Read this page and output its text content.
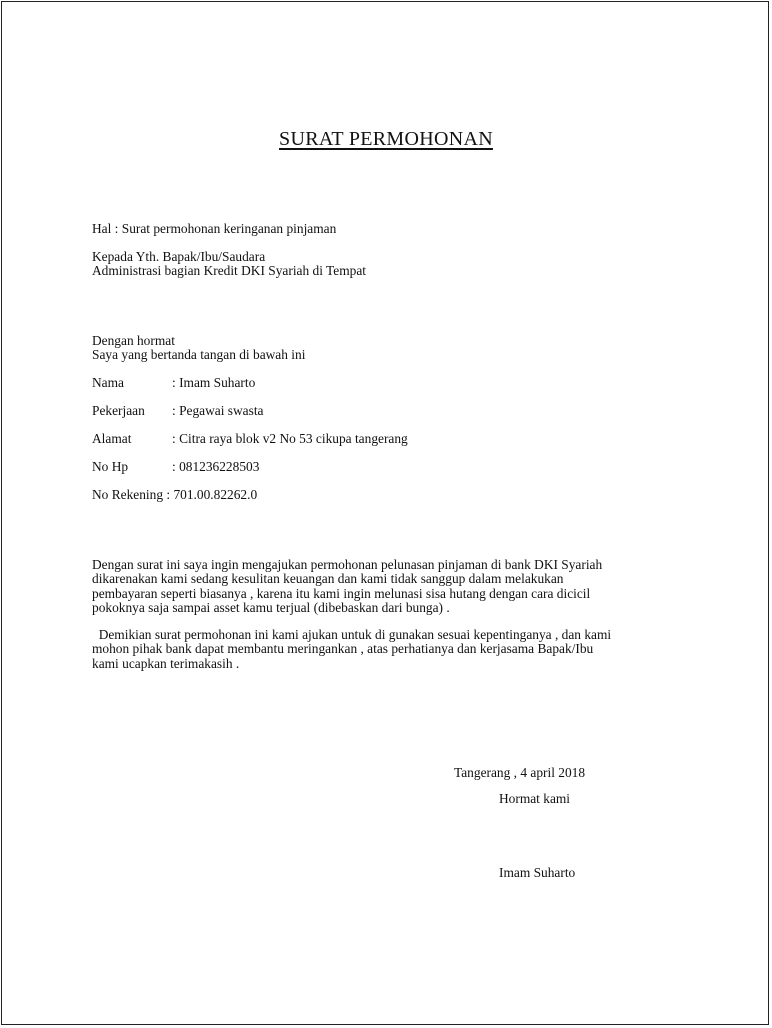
SURAT PERMOHONAN
Hal : Surat permohonan keringanan pinjaman
Kepada Yth. Bapak/Ibu/Saudara
Administrasi bagian Kredit DKI Syariah di Tempat
Dengan hormat
Saya yang bertanda tangan di bawah ini
Nama	: Imam Suharto
Pekerjaan : Pegawai swasta
Alamat	: Citra raya blok v2 No 53 cikupa tangerang
No Hp	: 081236228503
No Rekening : 701.00.82262.0
Dengan surat ini saya ingin mengajukan permohonan pelunasan pinjaman di bank DKI Syariah
dikarenakan kami sedang kesulitan keuangan dan kami tidak sanggup dalam melakukan
pembayaran seperti biasanya , karena itu kami ingin melunasi sisa hutang dengan cara dicicil
pokoknya saja sampai asset kamu terjual (dibebaskan dari bunga) .
Demikian surat permohonan ini kami ajukan untuk di gunakan sesuai kepentinganya , dan kami
mohon pihak bank dapat membantu meringankan , atas perhatianya dan kerjasama Bapak/Ibu
kami ucapkan terimakasih .
Tangerang , 4 april 2018
Hormat kami
Imam Suharto
